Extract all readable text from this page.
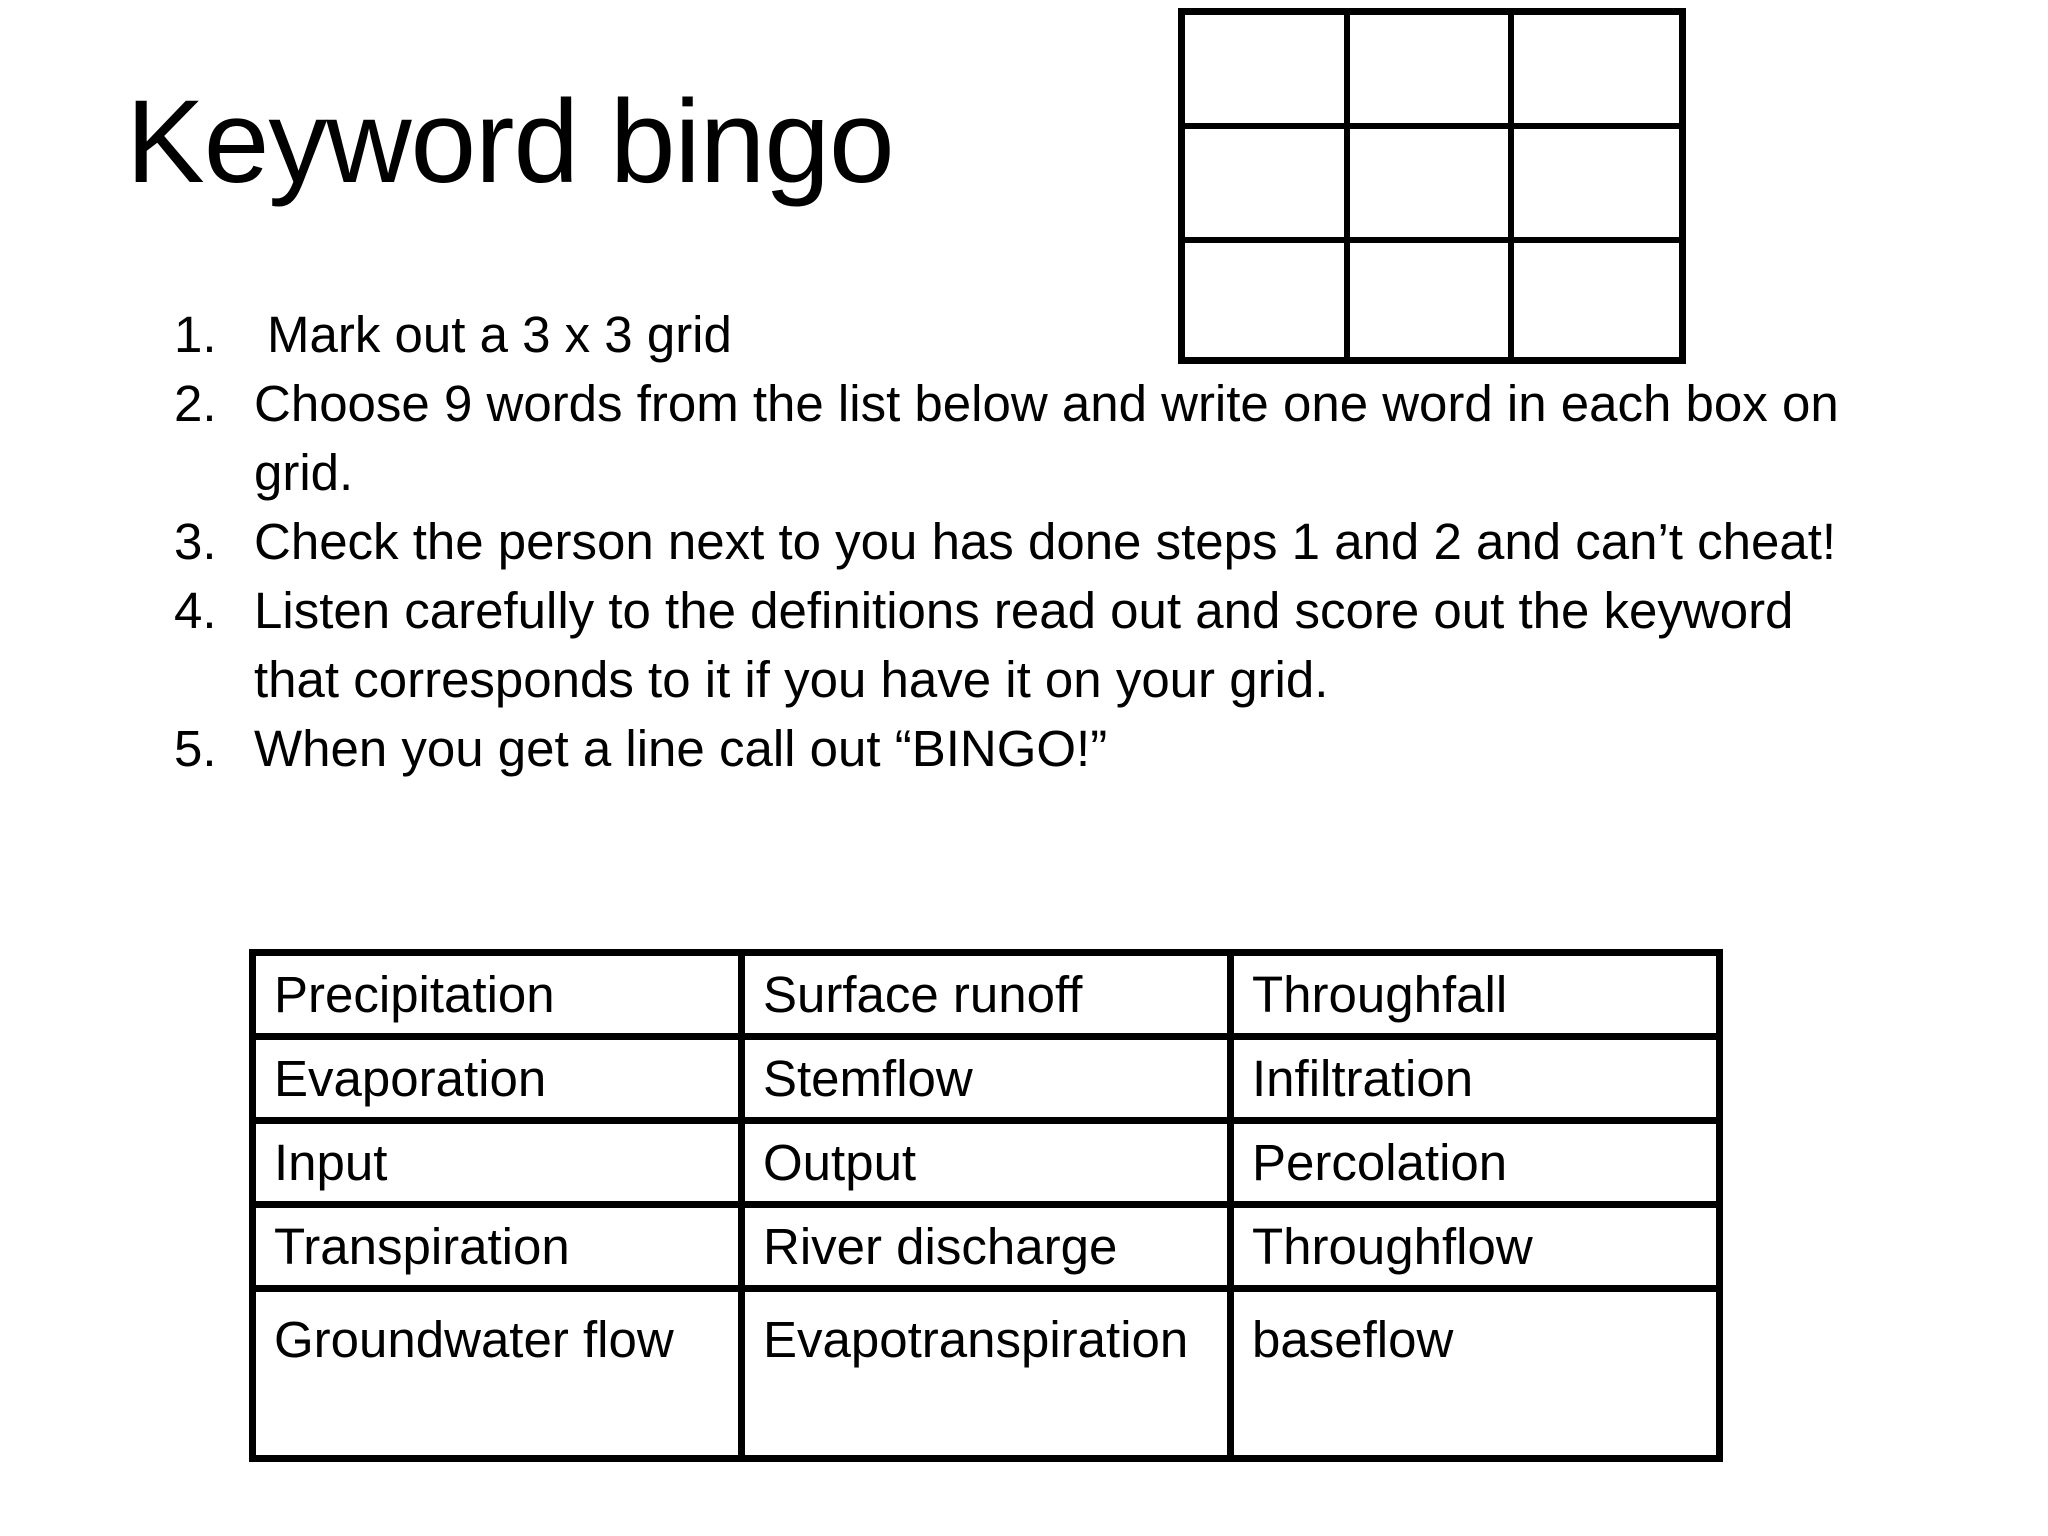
Keyword bingo
1. Mark out a 3 x 3 grid
2. Choose 9 words from the list below and write one word in each box on grid.
3. Check the person next to you has done steps 1 and 2 and can’t cheat!
4. Listen carefully to the definitions read out and score out the keyword that corresponds to it if you have it on your grid.
5. When you get a line call out “BINGO!”
Precipitation	Surface runoff	Throughfall
Evaporation	Stemflow	Infiltration
Input	Output	Percolation
Transpiration	River discharge	Throughflow
Groundwater flow	Evapotranspiration	baseflow
